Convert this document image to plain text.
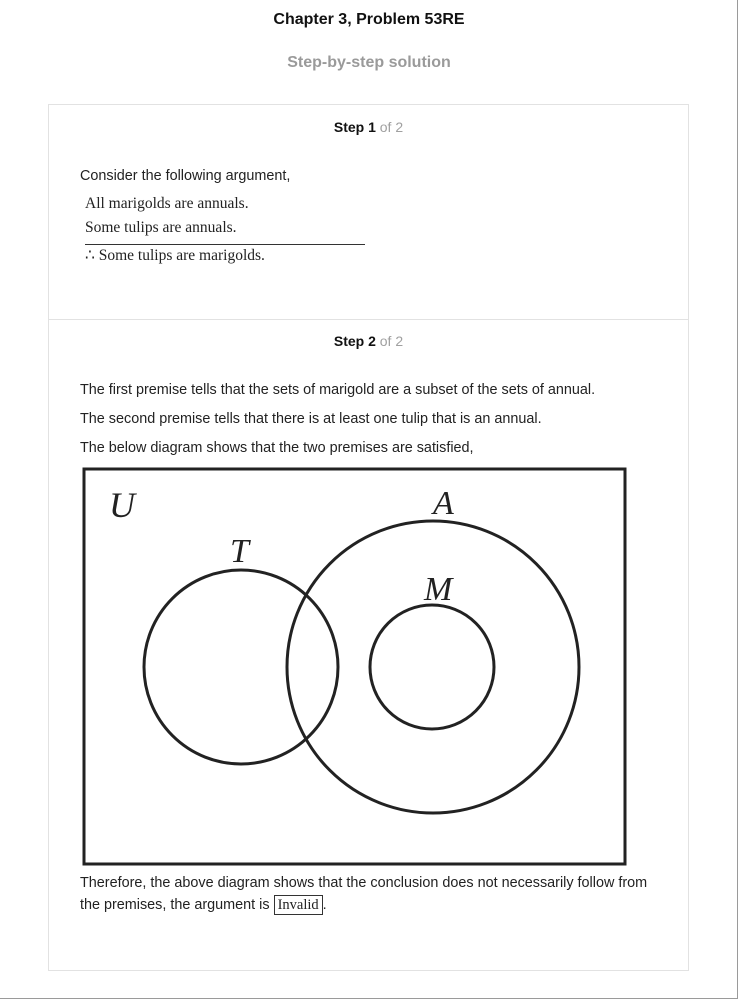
Chapter 3, Problem 53RE
Step-by-step solution
Step 1 of 2
Consider the following argument,
All marigolds are annuals.
Some tulips are annuals.
∴ Some tulips are marigolds.
Step 2 of 2
The first premise tells that the sets of marigold are a subset of the sets of annual.
The second premise tells that there is at least one tulip that is an annual.
The below diagram shows that the two premises are satisfied,
U
T
A
M
Therefore, the above diagram shows that the conclusion does not necessarily follow from the premises, the argument is Invalid .
